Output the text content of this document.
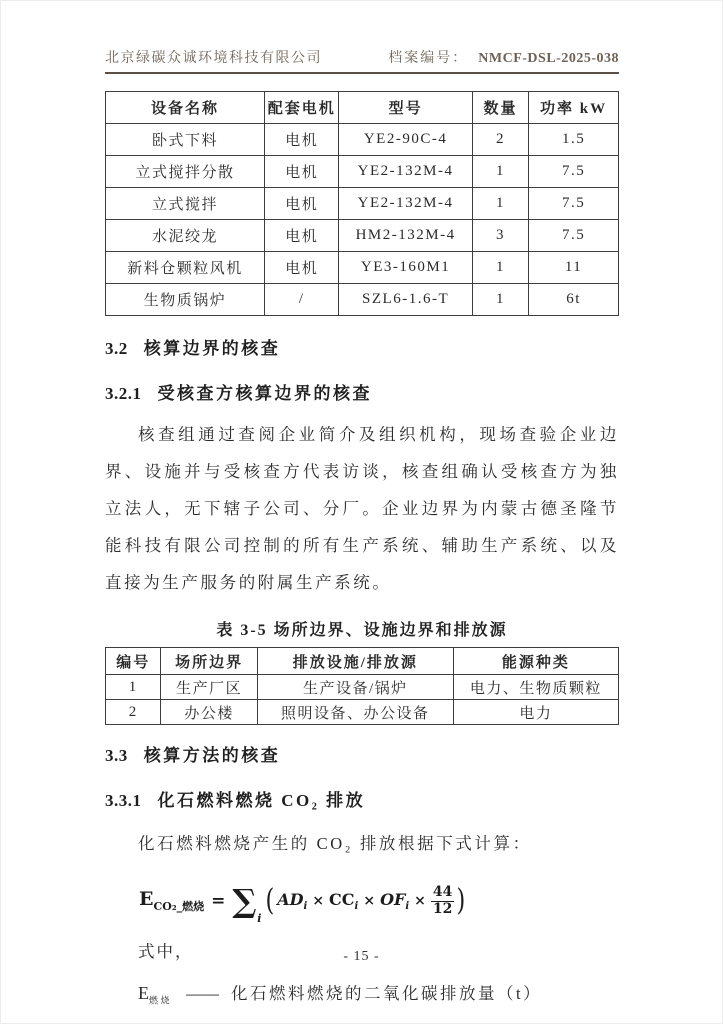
北京绿碳众诚环境科技有限公司	档案编号： NMCF-DSL-2025-038
设备名称	配套电机	型号	数量	功率 kW
卧式下料	电机	YE2-90C-4	2	1.5
立式搅拌分散	电机	YE2-132M-4	1	7.5
立式搅拌	电机	YE2-132M-4	1	7.5
水泥绞龙	电机	HM2-132M-4	3	7.5
新料仓颗粒风机	电机	YE3-160M1	1	11
生物质锅炉	/	SZL6-1.6-T	1	6t
3.2 核算边界的核查
3.2.1 受核查方核算边界的核查

核查组通过查阅企业简介及组织机构，现场查验企业边界、设施并与受核查方代表访谈，核查组确认受核查方为独立法人，无下辖子公司、分厂。企业边界为内蒙古德圣隆节能科技有限公司控制的所有生产系统、辅助生产系统、以及直接为生产服务的附属生产系统。

表 3-5 场所边界、设施边界和排放源
编号	场所边界	排放设施/排放源	能源种类
1	生产厂区	生产设备/锅炉	电力、生物质颗粒
2	办公楼	照明设备、办公设备	电力
3.3 核算方法的核查
3.3.1 化石燃料燃烧 CO₂ 排放

化石燃料燃烧产生的 CO₂ 排放根据下式计算：

$E_{CO_2\_燃烧}$ = ∑ i
( $AD_i \times CC_i \times OF_i \times \frac{44}{12}$ )

式中，

$E_{燃烧}$ —— 化石燃料燃烧的二氧化碳排放量（t）

- 15 -
